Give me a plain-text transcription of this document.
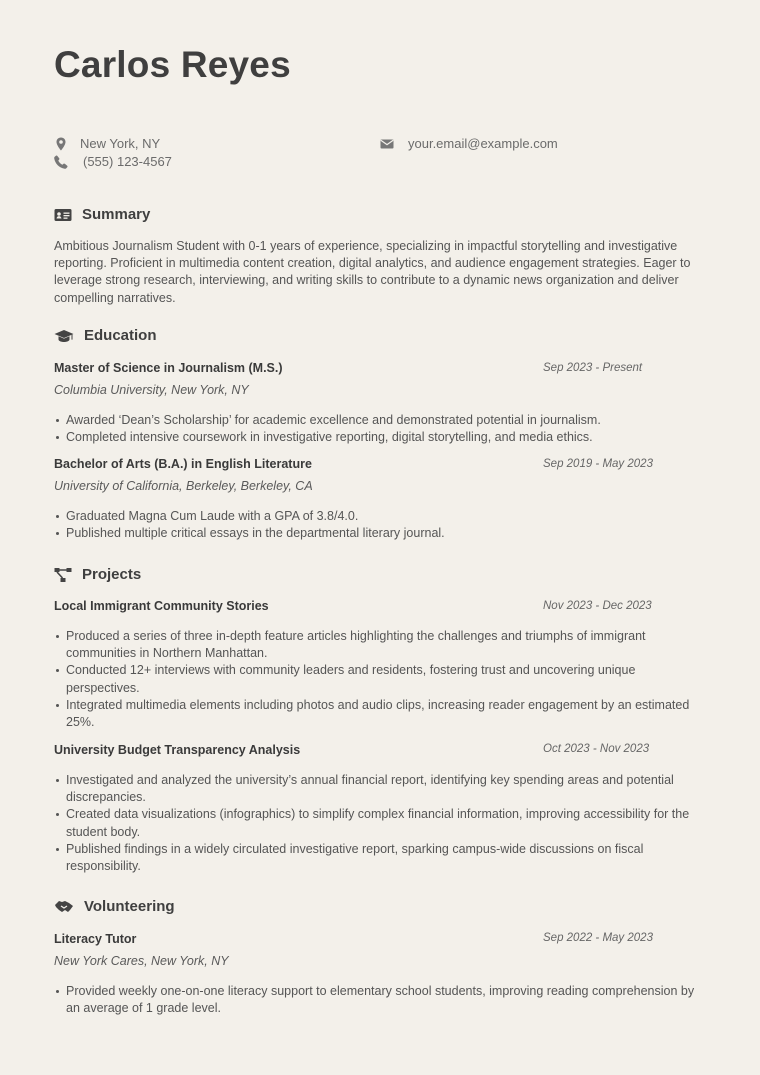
Carlos Reyes
New York, NY
(555) 123-4567
your.email@example.com
Summary
Ambitious Journalism Student with 0-1 years of experience, specializing in impactful storytelling and investigative reporting. Proficient in multimedia content creation, digital analytics, and audience engagement strategies. Eager to leverage strong research, interviewing, and writing skills to contribute to a dynamic news organization and deliver compelling narratives.
Education
Master of Science in Journalism (M.S.)	Sep 2023 - Present
Columbia University, New York, NY
Awarded ‘Dean’s Scholarship’ for academic excellence and demonstrated potential in journalism.
Completed intensive coursework in investigative reporting, digital storytelling, and media ethics.
Bachelor of Arts (B.A.) in English Literature	Sep 2019 - May 2023
University of California, Berkeley, Berkeley, CA
Graduated Magna Cum Laude with a GPA of 3.8/4.0.
Published multiple critical essays in the departmental literary journal.
Projects
Local Immigrant Community Stories	Nov 2023 - Dec 2023
Produced a series of three in-depth feature articles highlighting the challenges and triumphs of immigrant communities in Northern Manhattan.
Conducted 12+ interviews with community leaders and residents, fostering trust and uncovering unique perspectives.
Integrated multimedia elements including photos and audio clips, increasing reader engagement by an estimated 25%.
University Budget Transparency Analysis	Oct 2023 - Nov 2023
Investigated and analyzed the university’s annual financial report, identifying key spending areas and potential discrepancies.
Created data visualizations (infographics) to simplify complex financial information, improving accessibility for the student body.
Published findings in a widely circulated investigative report, sparking campus-wide discussions on fiscal responsibility.
Volunteering
Literacy Tutor	Sep 2022 - May 2023
New York Cares, New York, NY
Provided weekly one-on-one literacy support to elementary school students, improving reading comprehension by an average of 1 grade level.
